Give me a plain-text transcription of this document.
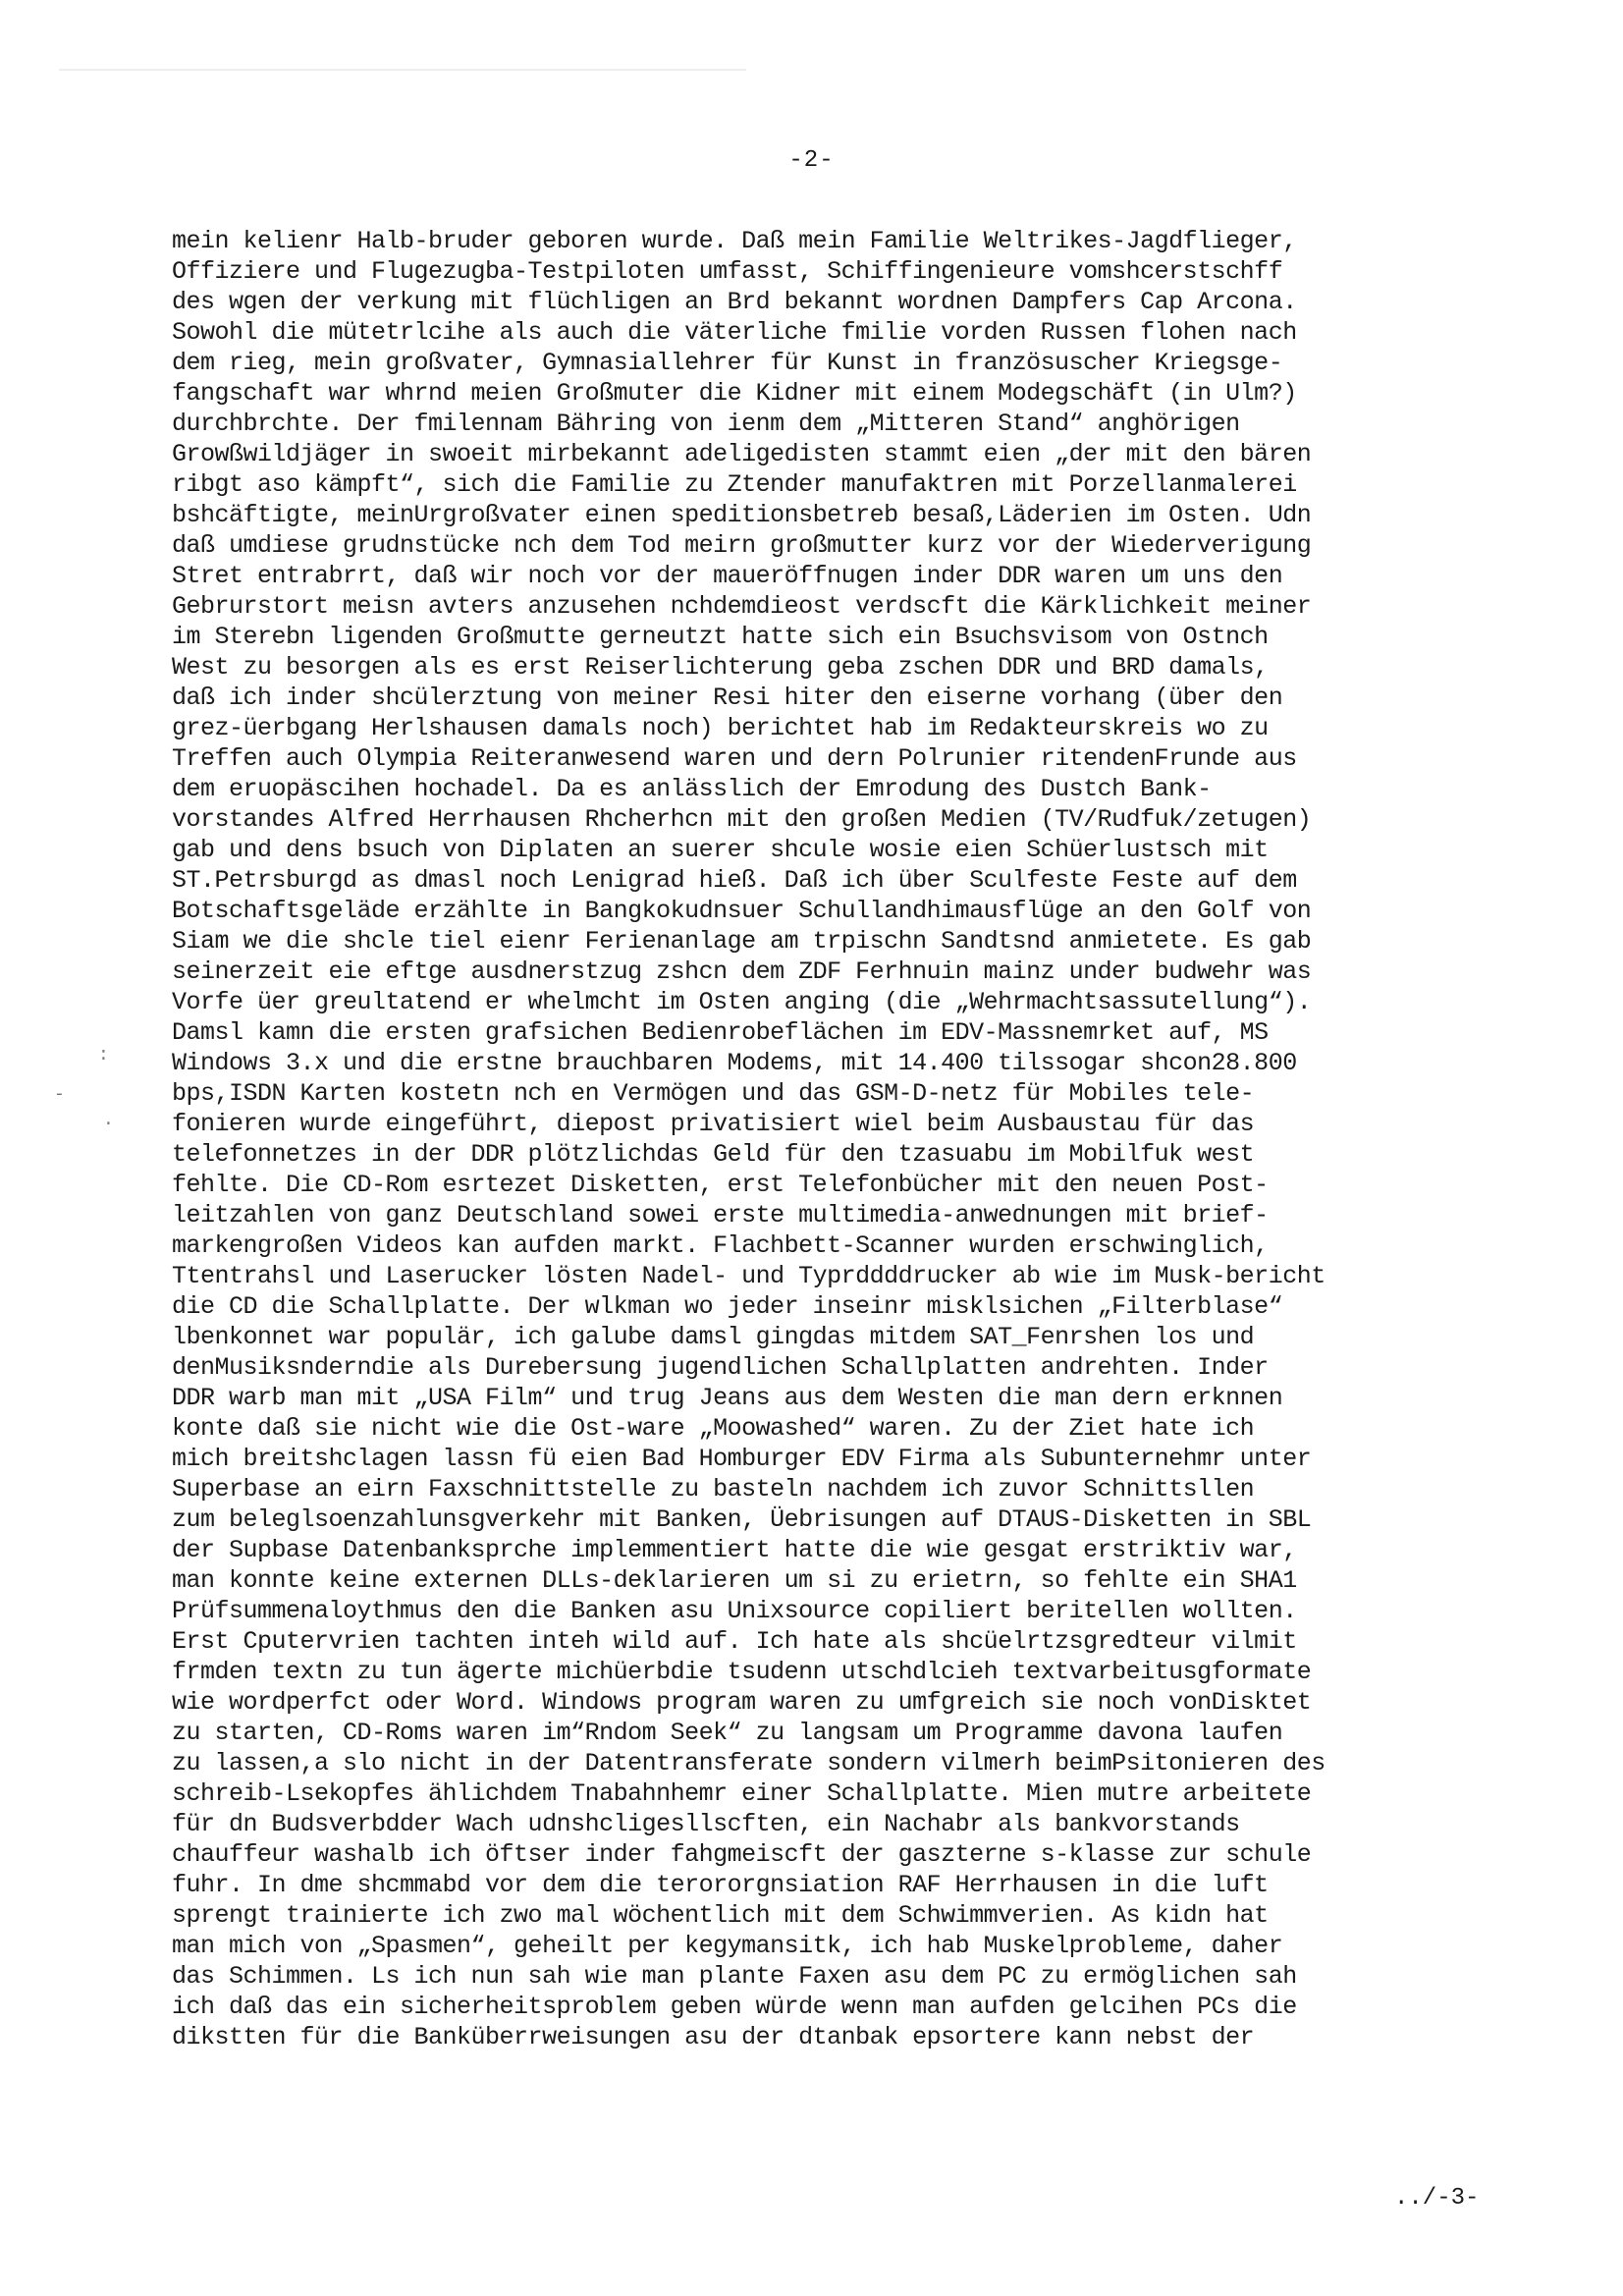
-2-
mein kelienr Halb-bruder geboren wurde. Daß mein Familie Weltrikes-Jagdflieger,
Offiziere und Flugezugba-Testpiloten umfasst, Schiffingenieure vomshcerstschff
des wgen der verkung mit flüchligen an Brd bekannt wordnen Dampfers Cap Arcona.
Sowohl die mütetrlcihe als auch die väterliche fmilie vorden Russen flohen nach
dem rieg, mein großvater, Gymnasiallehrer für Kunst in französuscher Kriegsge-
fangschaft war whrnd meien Großmuter die Kidner mit einem Modegschäft (in Ulm?)
durchbrchte. Der fmilennam Bähring von ienm dem „Mitteren Stand“ anghörigen
Growßwildjäger in swoeit mirbekannt adeligedisten stammt eien „der mit den bären
ribgt aso kämpft“, sich die Familie zu Ztender manufaktren mit Porzellanmalerei
bshcäftigte, meinUrgroßvater einen speditionsbetreb besaß,Läderien im Osten. Udn
daß umdiese grudnstücke nch dem Tod meirn großmutter kurz vor der Wiederverigung
Stret entrabrrt, daß wir noch vor der maueröffnugen inder DDR waren um uns den
Gebrurstort meisn avters anzusehen nchdemdieost verdscft die Kärklichkeit meiner
im Sterebn ligenden Großmutte gerneutzt hatte sich ein Bsuchsvisom von Ostnch
West zu besorgen als es erst Reiserlichterung geba zschen DDR und BRD damals,
daß ich inder shcülerztung von meiner Resi hiter den eiserne vorhang (über den
grez-üerbgang Herlshausen damals noch) berichtet hab im Redakteurskreis wo zu
Treffen auch Olympia Reiteranwesend waren und dern Polrunier ritendenFrunde aus
dem eruopäscihen hochadel. Da es anlässlich der Emrodung des Dustch Bank-
vorstandes Alfred Herrhausen Rhcherhcn mit den großen Medien (TV/Rudfuk/zetugen)
gab und dens bsuch von Diplaten an suerer shcule wosie eien Schüerlustsch mit
ST.Petrsburgd as dmasl noch Lenigrad hieß. Daß ich über Sculfeste Feste auf dem
Botschaftsgeläde erzählte in Bangkokudnsuer Schullandhimausflüge an den Golf von
Siam we die shcle tiel eienr Ferienanlage am trpischn Sandtsnd anmietete. Es gab
seinerzeit eie eftge ausdnerstzug zshcn dem ZDF Ferhnuin mainz under budwehr was
Vorfe üer greultatend er whelmcht im Osten anging (die „Wehrmachtsassutellung“).
Damsl kamn die ersten grafsichen Bedienrobeflächen im EDV-Massnemrket auf, MS
Windows 3.x und die erstne brauchbaren Modems, mit 14.400 tilssogar shcon28.800
bps,ISDN Karten kostetn nch en Vermögen und das GSM-D-netz für Mobiles tele-
fonieren wurde eingeführt, diepost privatisiert wiel beim Ausbaustau für das
telefonnetzes in der DDR plötzlichdas Geld für den tzasuabu im Mobilfuk west
fehlte. Die CD-Rom esrtezet Disketten, erst Telefonbücher mit den neuen Post-
leitzahlen von ganz Deutschland sowei erste multimedia-anwednungen mit brief-
markengroßen Videos kan aufden markt. Flachbett-Scanner wurden erschwinglich,
Ttentrahsl und Laserucker lösten Nadel- und Typrddddrucker ab wie im Musk-bericht
die CD die Schallplatte. Der wlkman wo jeder inseinr misklsichen „Filterblase“
lbenkonnet war populär, ich galube damsl gingdas mitdem SAT_Fenrshen los und
denMusiksnderndie als Durebersung jugendlichen Schallplatten andrehten. Inder
DDR warb man mit „USA Film“ und trug Jeans aus dem Westen die man dern erknnen
konte daß sie nicht wie die Ost-ware „Moowashed“ waren. Zu der Ziet hate ich
mich breitshclagen lassn fü eien Bad Homburger EDV Firma als Subunternehmr unter
Superbase an eirn Faxschnittstelle zu basteln nachdem ich zuvor Schnittsllen
zum beleglsoenzahlunsgverkehr mit Banken, Üebrisungen auf DTAUS-Disketten in SBL
der Supbase Datenbanksprche implemmentiert hatte die wie gesgat erstriktiv war,
man konnte keine externen DLLs-deklarieren um si zu erietrn, so fehlte ein SHA1
Prüfsummenaloythmus den die Banken asu Unixsource copiliert beritellen wollten.
Erst Cputervrien tachten inteh wild auf. Ich hate als shcüelrtzsgredteur vilmit
frmden textn zu tun ägerte michüerbdie tsudenn utschdlcieh textvarbeitusgformate
wie wordperfct oder Word. Windows program waren zu umfgreich sie noch vonDisktet
zu starten, CD-Roms waren im“Rndom Seek“ zu langsam um Programme davona laufen
zu lassen,a slo nicht in der Datentransferate sondern vilmerh beimPsitonieren des
schreib-Lsekopfes ählichdem Tnabahnhemr einer Schallplatte. Mien mutre arbeitete
für dn Budsverbdder Wach udnshcligesllscften, ein Nachabr als bankvorstands
chauffeur washalb ich öftser inder fahgmeiscft der gaszterne s-klasse zur schule
fuhr. In dme shcmmabd vor dem die terororgnsiation RAF Herrhausen in die luft
sprengt trainierte ich zwo mal wöchentlich mit dem Schwimmverien. As kidn hat
man mich von „Spasmen“, geheilt per kegymansitk, ich hab Muskelprobleme, daher
das Schimmen. Ls ich nun sah wie man plante Faxen asu dem PC zu ermöglichen sah
ich daß das ein sicherheitsproblem geben würde wenn man aufden gelcihen PCs die
dikstten für die Banküberrweisungen asu der dtanbak epsortere kann nebst der
:
-
·
../-3-
